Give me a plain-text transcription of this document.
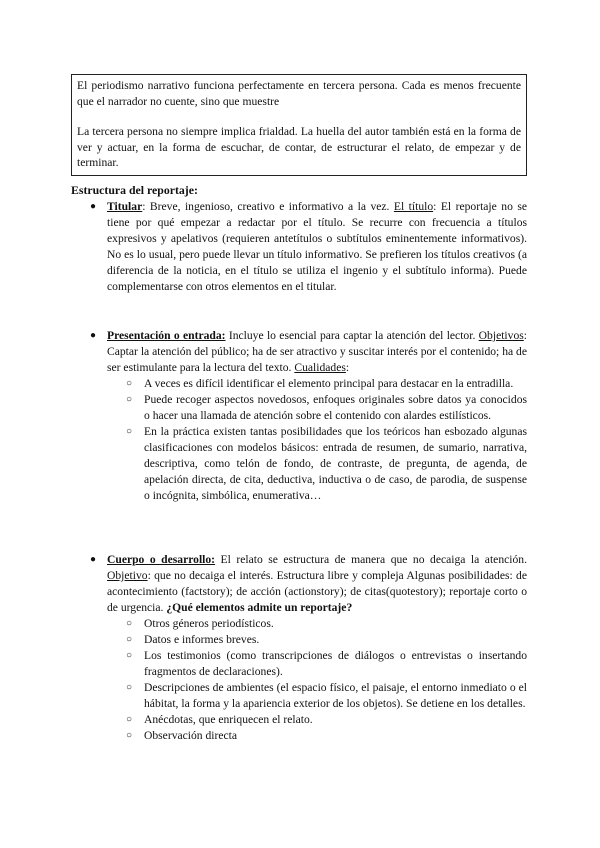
El periodismo narrativo funciona perfectamente en tercera persona. Cada es menos frecuente que el narrador no cuente, sino que muestre

La tercera persona no siempre implica frialdad. La huella del autor también está en la forma de ver y actuar, en la forma de escuchar, de contar, de estructurar el relato, de empezar y de terminar.

Estructura del reportaje:
● Titular: Breve, ingenioso, creativo e informativo a la vez. El título: El reportaje no se tiene por qué empezar a redactar por el título. Se recurre con frecuencia a títulos expresivos y apelativos (requieren antetítulos o subtítulos eminentemente informativos). No es lo usual, pero puede llevar un título informativo. Se prefieren los títulos creativos (a diferencia de la noticia, en el título se utiliza el ingenio y el subtítulo informa). Puede complementarse con otros elementos en el titular.
● Presentación o entrada: Incluye lo esencial para captar la atención del lector. Objetivos: Captar la atención del público; ha de ser atractivo y suscitar interés por el contenido; ha de ser estimulante para la lectura del texto. Cualidades:
○ A veces es difícil identificar el elemento principal para destacar en la entradilla.
○ Puede recoger aspectos novedosos, enfoques originales sobre datos ya conocidos o hacer una llamada de atención sobre el contenido con alardes estilísticos.
○ En la práctica existen tantas posibilidades que los teóricos han esbozado algunas clasificaciones con modelos básicos: entrada de resumen, de sumario, narrativa, descriptiva, como telón de fondo, de contraste, de pregunta, de agenda, de apelación directa, de cita, deductiva, inductiva o de caso, de parodia, de suspense o incógnita, simbólica, enumerativa…
● Cuerpo o desarrollo: El relato se estructura de manera que no decaiga la atención. Objetivo: que no decaiga el interés. Estructura libre y compleja Algunas posibilidades: de acontecimiento (factstory); de acción (actionstory); de citas(quotestory); reportaje corto o de urgencia. ¿Qué elementos admite un reportaje?
○ Otros géneros periodísticos.
○ Datos e informes breves.
○ Los testimonios (como transcripciones de diálogos o entrevistas o insertando fragmentos de declaraciones).
○ Descripciones de ambientes (el espacio físico, el paisaje, el entorno inmediato o el hábitat, la forma y la apariencia exterior de los objetos). Se detiene en los detalles.
○ Anécdotas, que enriquecen el relato.
○ Observación directa
